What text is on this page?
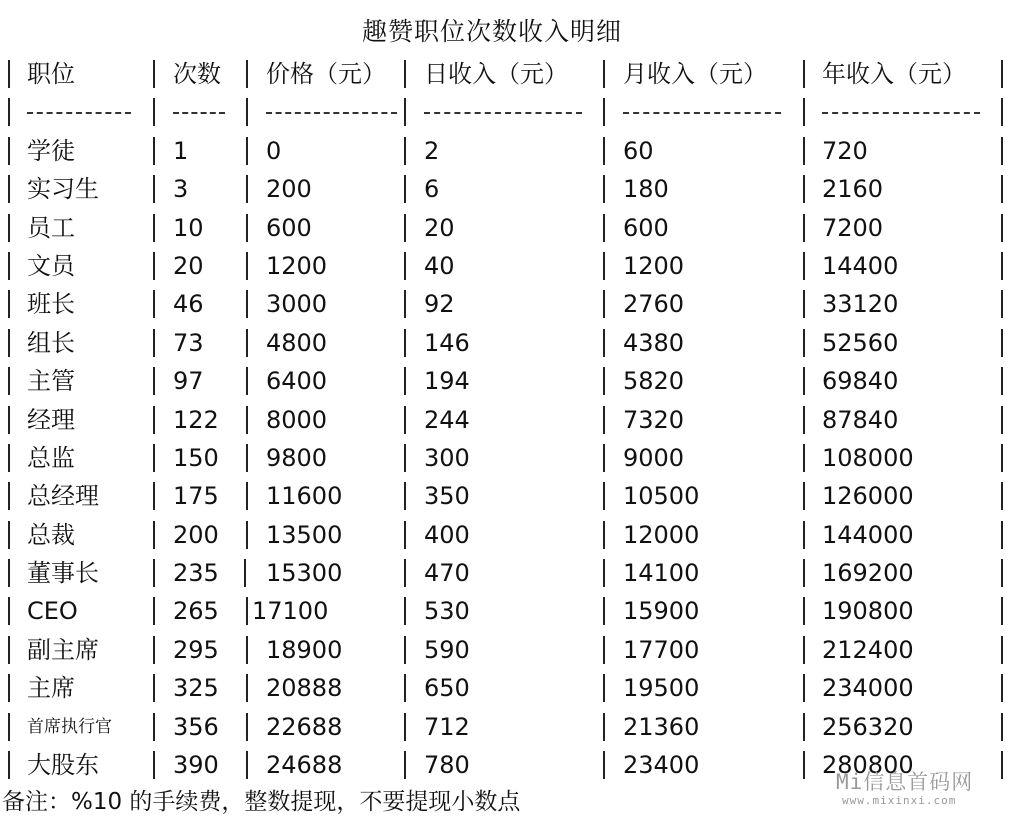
趣赞职位次数收入明细
职位	次数 价格（元） 日收入（元） 月收入（元） 年收入（元）
学徒	1	0	2	60	720
实习生	3	200	6	180	2160
员工	10	600	20	600	7200
文员	20	1200	40	1200	14400
班长	46	3000	92	2760	33120
组长	73	4800	146	4380	52560
主管	97	6400	194	5820	69840
经理	122 8000	244	7320	87840
总监	150 9800	300	9000	108000
总经理	175 11600	350	10500	126000
总裁	200 13500	400	12000	144000
董事长	235 15300	470	14100	169200
CEO	265 17100	530	15900	190800
副主席	295 18900	590	17700	212400
主席	325 20888	650	19500	234000
首席执行官	356 22688	712	21360	256320
大股东	390 24688	780	23400	280800
备注：%10 的手续费，整数提现，不要提现小数点
Mi信息首码网
www.mixinxi.com
